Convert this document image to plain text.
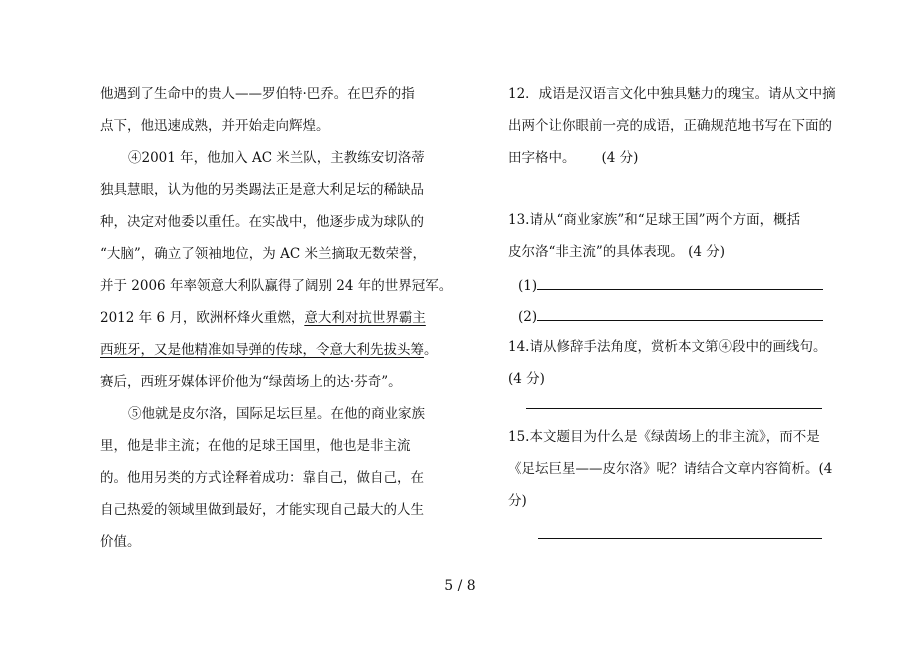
他遇到了生命中的贵人——罗伯特·巴乔。在巴乔的指
点下，他迅速成熟，并开始走向辉煌。
④2001 年，他加入 AC 米兰队，主教练安切洛蒂
独具慧眼，认为他的另类踢法正是意大利足坛的稀缺品
种，决定对他委以重任。在实战中，他逐步成为球队的
“大脑”，确立了领袖地位，为 AC 米兰摘取无数荣誉，
并于 2006 年率领意大利队赢得了阔别 24 年的世界冠军。
2012 年 6 月，欧洲杯烽火重燃，意大利对抗世界霸主
西班牙，又是他精准如导弹的传球，令意大利先拔头筹。
赛后，西班牙媒体评价他为“绿茵场上的达·芬奇”。
⑤他就是皮尔洛，国际足坛巨星。在他的商业家族
里，他是非主流；在他的足球王国里，他也是非主流
的。他用另类的方式诠释着成功：靠自己，做自己，在
自己热爱的领域里做到最好，才能实现自己最大的人生
价值。
12．成语是汉语言文化中独具魅力的瑰宝。请从文中摘
出两个让你眼前一亮的成语，正确规范地书写在下面的
田字格中。 (4 分)
13.请从“商业家族”和“足球王国”两个方面，概括
皮尔洛“非主流”的具体表现。 (4 分)
(1)
(2)
14.请从修辞手法角度，赏析本文第④段中的画线句。
(4 分)
15.本文题目为什么是《绿茵场上的非主流》，而不是
《足坛巨星——皮尔洛》呢？请结合文章内容简析。(4
分)
5 / 8
